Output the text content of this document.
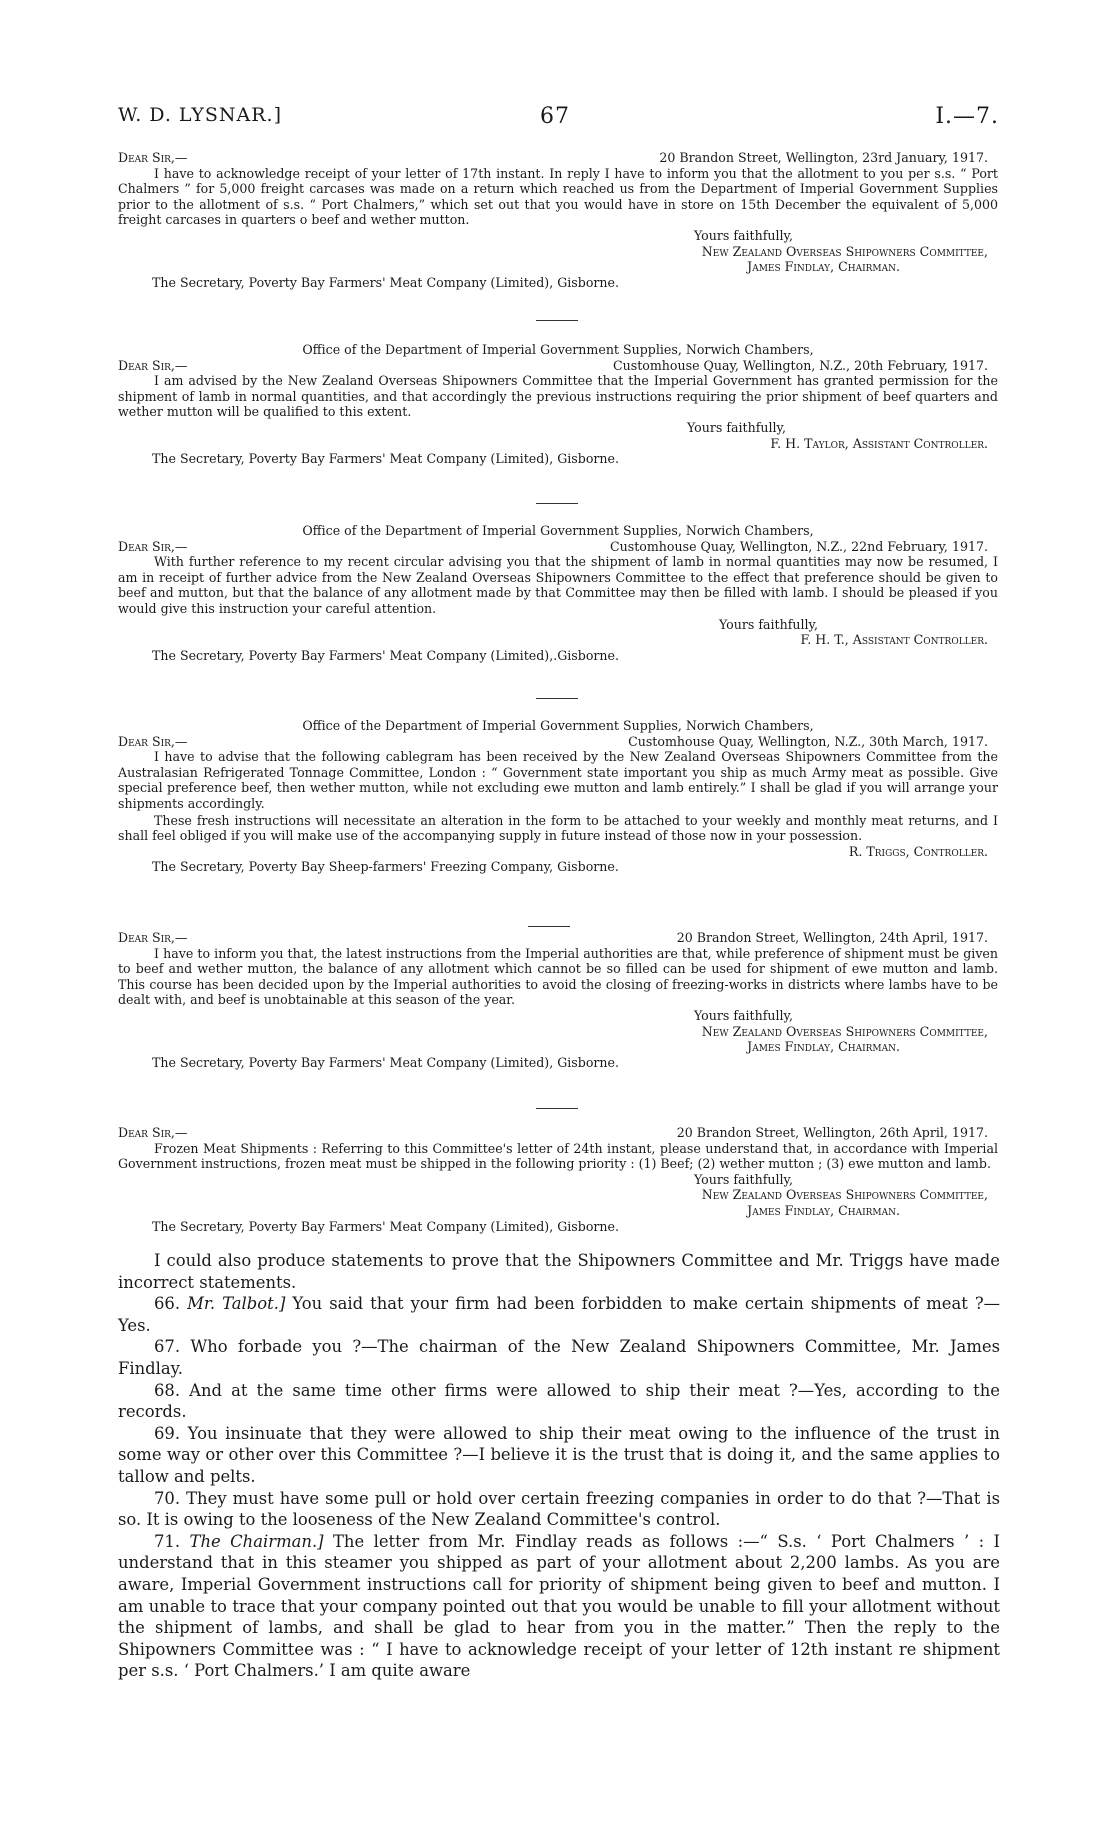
W. D. LYSNAR.]	67	I.—7.
Dear Sir,—	20 Brandon Street, Wellington, 23rd January, 1917.

I have to acknowledge receipt of your letter of 17th instant. In reply I have to inform you that the allotment to you per s.s. “ Port Chalmers ” for 5,000 freight carcases was made on a return which reached us from the Department of Imperial Government Supplies prior to the allotment of s.s. “ Port Chalmers,” which set out that you would have in store on 15th December the equivalent of 5,000 freight carcases in quarters o beef and wether mutton.

Yours faithfully,
New Zealand Overseas Shipowners Committee,
James Findlay, Chairman.
The Secretary, Poverty Bay Farmers' Meat Company (Limited), Gisborne.
Office of the Department of Imperial Government Supplies, Norwich Chambers,
Dear Sir,—	Customhouse Quay, Wellington, N.Z., 20th February, 1917.

I am advised by the New Zealand Overseas Shipowners Committee that the Imperial Government has granted permission for the shipment of lamb in normal quantities, and that accordingly the previous instructions requiring the prior shipment of beef quarters and wether mutton will be qualified to this extent.

Yours faithfully,
F. H. Taylor, Assistant Controller.
The Secretary, Poverty Bay Farmers' Meat Company (Limited), Gisborne.
Office of the Department of Imperial Government Supplies, Norwich Chambers,
Dear Sir,—	Customhouse Quay, Wellington, N.Z., 22nd February, 1917.

With further reference to my recent circular advising you that the shipment of lamb in normal quantities may now be resumed, I am in receipt of further advice from the New Zealand Overseas Shipowners Committee to the effect that preference should be given to beef and mutton, but that the balance of any allotment made by that Committee may then be filled with lamb. I should be pleased if you would give this instruction your careful attention.

Yours faithfully,
F. H. T., Assistant Controller.
The Secretary, Poverty Bay Farmers' Meat Company (Limited),.Gisborne.
Office of the Department of Imperial Government Supplies, Norwich Chambers,
Dear Sir,—	Customhouse Quay, Wellington, N.Z., 30th March, 1917.

I have to advise that the following cablegram has been received by the New Zealand Overseas Shipowners Committee from the Australasian Refrigerated Tonnage Committee, London : “ Government state important you ship as much Army meat as possible. Give special preference beef, then wether mutton, while not excluding ewe mutton and lamb entirely.” I shall be glad if you will arrange your shipments accordingly.

These fresh instructions will necessitate an alteration in the form to be attached to your weekly and monthly meat returns, and I shall feel obliged if you will make use of the accompanying supply in future instead of those now in your possession.

R. Triggs, Controller.
The Secretary, Poverty Bay Sheep-farmers' Freezing Company, Gisborne.
Dear Sir,—	20 Brandon Street, Wellington, 24th April, 1917.

I have to inform you that, the latest instructions from the Imperial authorities are that, while preference of shipment must be given to beef and wether mutton, the balance of any allotment which cannot be so filled can be used for shipment of ewe mutton and lamb. This course has been decided upon by the Imperial authorities to avoid the closing of freezing-works in districts where lambs have to be dealt with, and beef is unobtainable at this season of the year.

Yours faithfully,
New Zealand Overseas Shipowners Committee,
James Findlay, Chairman.
The Secretary, Poverty Bay Farmers' Meat Company (Limited), Gisborne.
Dear Sir,—	20 Brandon Street, Wellington, 26th April, 1917.

Frozen Meat Shipments : Referring to this Committee's letter of 24th instant, please understand that, in accordance with Imperial Government instructions, frozen meat must be shipped in the following priority : (1) Beef; (2) wether mutton ; (3) ewe mutton and lamb.

Yours faithfully,
New Zealand Overseas Shipowners Committee,
James Findlay, Chairman.
The Secretary, Poverty Bay Farmers' Meat Company (Limited), Gisborne.

I could also produce statements to prove that the Shipowners Committee and Mr. Triggs have made incorrect statements.

66. Mr. Talbot.] You said that your firm had been forbidden to make certain shipments of meat ?—Yes.

67. Who forbade you ?—The chairman of the New Zealand Shipowners Committee, Mr. James Findlay.

68. And at the same time other firms were allowed to ship their meat ?—Yes, according to the records.

69. You insinuate that they were allowed to ship their meat owing to the influence of the trust in some way or other over this Committee ?—I believe it is the trust that is doing it, and the same applies to tallow and pelts.

70. They must have some pull or hold over certain freezing companies in order to do that ?—That is so. It is owing to the looseness of the New Zealand Committee's control.

71. The Chairman.] The letter from Mr. Findlay reads as follows :—“ S.s. ‘ Port Chalmers ’ : I understand that in this steamer you shipped as part of your allotment about 2,200 lambs. As you are aware, Imperial Government instructions call for priority of shipment being given to beef and mutton. I am unable to trace that your company pointed out that you would be unable to fill your allotment without the shipment of lambs, and shall be glad to hear from you in the matter.” Then the reply to the Shipowners Committee was : “ I have to acknowledge receipt of your letter of 12th instant re shipment per s.s. ‘ Port Chalmers.’ I am quite aware
